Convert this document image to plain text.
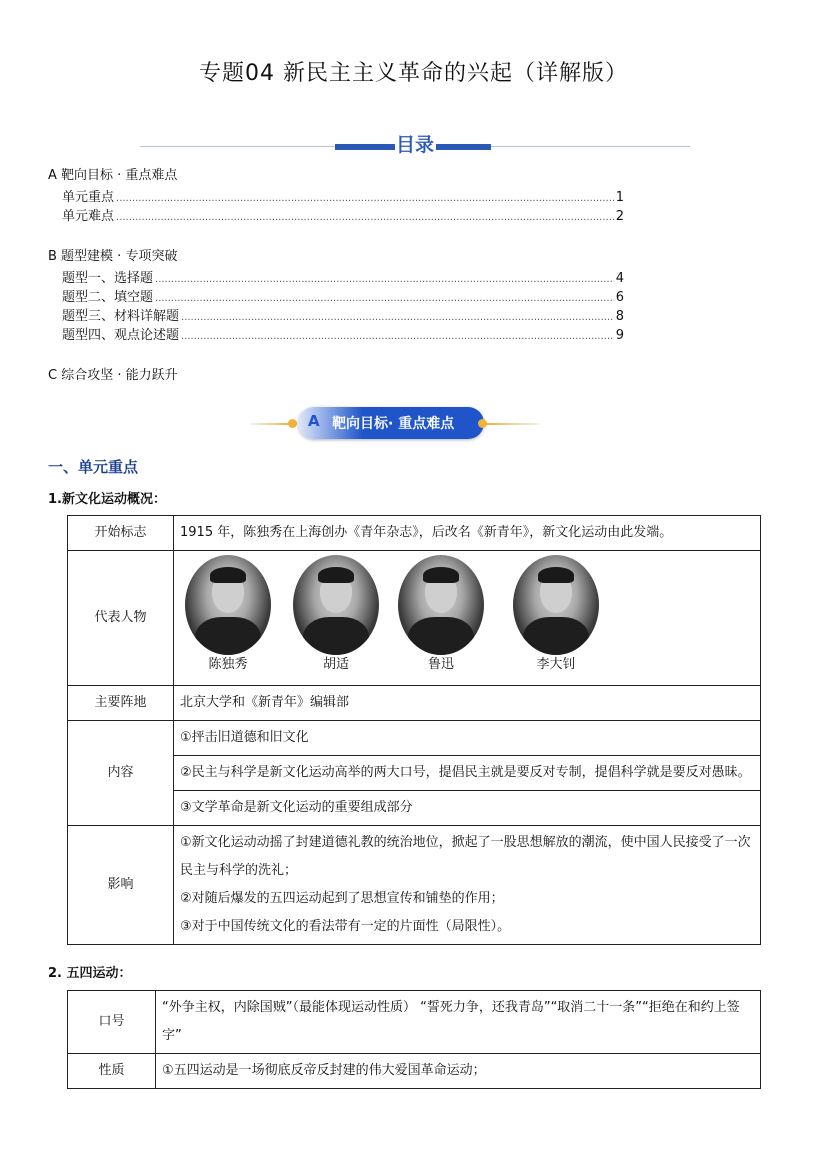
专题04 新民主主义革命的兴起（详解版）
目录
A 靶向目标 · 重点难点
单元重点 .....	1
单元难点 .....	2
B 题型建模 · 专项突破
题型一、选择题 .....	4
题型二、填空题 .....	6
题型三、材料详解题 .....	8
题型四、观点论述题 .....	9
C 综合攻坚 · 能力跃升
A 靶向目标· 重点难点
一、单元重点
1.新文化运动概况：
开始标志	1915 年，陈独秀在上海创办《青年杂志》，后改名《新青年》，新文化运动由此发端。
代表人物	陈独秀 胡适 鲁迅 李大钊

主要阵地	北京大学和《新青年》编辑部
内容	①抨击旧道德和旧文化
	②民主与科学是新文化运动高举的两大口号，提倡民主就是要反对专制，提倡科学就是要反对愚昧。
	③文学革命是新文化运动的重要组成部分
影响	①新文化运动动摇了封建道德礼教的统治地位，掀起了一股思想解放的潮流，使中国人民接受了一次民主与科学的洗礼；
②对随后爆发的五四运动起到了思想宣传和铺垫的作用；
③对于中国传统文化的看法带有一定的片面性（局限性）。
2. 五四运动：
口号	“外争主权，内除国贼”（最能体现运动性质） “誓死力争，还我青岛”“取消二十一条”“拒绝在和约上签字”
性质	①五四运动是一场彻底反帝反封建的伟大爱国革命运动；
